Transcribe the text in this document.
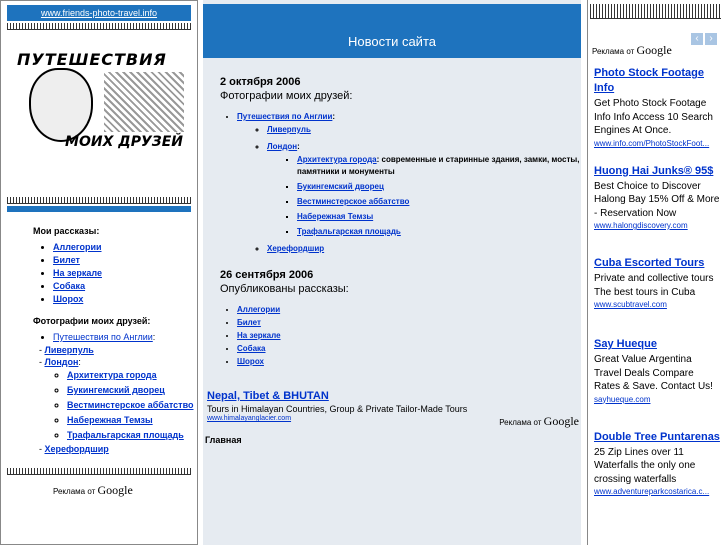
www.friends-photo-travel.info
ПУТЕШЕСТВИЯ
МОИХ ДРУЗЕЙ
Мои рассказы:
• Аллегории
• Билет
• На зеркале
• Собака
• Шорох
Фотографии моих друзей:
• Путешествия по Англии:
- Ливерпуль
- Лондон:
◦ Архитектура города
◦ Букингемский дворец
◦ Вестминстерское аббатство
◦ Набережная Темзы
◦ Трафальгарская площадь
- Херефордшир
Реклама от Google
Новости сайта
2 октября 2006
Фотографии моих друзей:
• Путешествия по Англии:
◦ Ливерпуль
◦ Лондон:
▪ Архитектура города: современные и старинные здания, замки, мосты, памятники и монументы
▪ Букингемский дворец
▪ Вестминстерское аббатство
▪ Набережная Темзы
▪ Трафальгарская площадь
◦ Херефордшир
26 сентября 2006
Опубликованы рассказы:
• Аллегории
• Билет
• На зеркале
• Собака
• Шорох
Nepal, Tibet & BHUTAN
Tours in Himalayan Countries, Group & Private Tailor-Made Tours
www.himalayanglacier.com	Реклама от Google
Главная
Реклама от Google
‹ ›
Photo Stock Footage Info
Get Photo Stock Footage Info Info Access 10 Search Engines At Once.
www.info.com/PhotoStockFoot...
Huong Hai Junks® 95$
Best Choice to Discover Halong Bay 15% Off & More - Reservation Now
www.halongdiscovery.com
Cuba Escorted Tours
Private and collective tours The best tours in Cuba
www.scubtravel.com
Say Hueque
Great Value Argentina Travel Deals Compare Rates & Save. Contact Us!
sayhueque.com
Double Tree Puntarenas
25 Zip Lines over 11 Waterfalls the only one crossing waterfalls
www.adventureparkcostarica.c...
